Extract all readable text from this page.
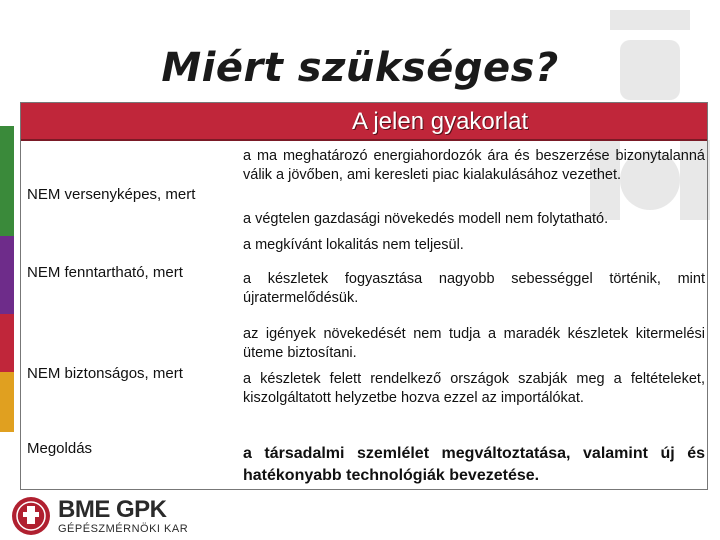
Miért szükséges?
A jelen gyakorlat
NEM versenyképes, mert
NEM fenntartható, mert
NEM biztonságos, mert
Megoldás
a ma meghatározó energiahordozók ára és beszerzése bizonytalanná válik a jövőben, ami keresleti piac kialakulásához vezethet.
a végtelen gazdasági növekedés modell nem folytatható.
a megkívánt lokalitás nem teljesül.
a készletek fogyasztása nagyobb sebességgel történik, mint újratermelődésük.
az igények növekedését nem tudja a maradék készletek kitermelési üteme biztosítani.
a készletek felett rendelkező országok szabják meg a feltételeket, kiszolgáltatott helyzetbe hozva ezzel az importálókat.
a társadalmi szemlélet megváltoztatása, valamint új és hatékonyabb technológiák bevezetése.
BME GPK
GÉPÉSZMÉRNÖKI KAR
